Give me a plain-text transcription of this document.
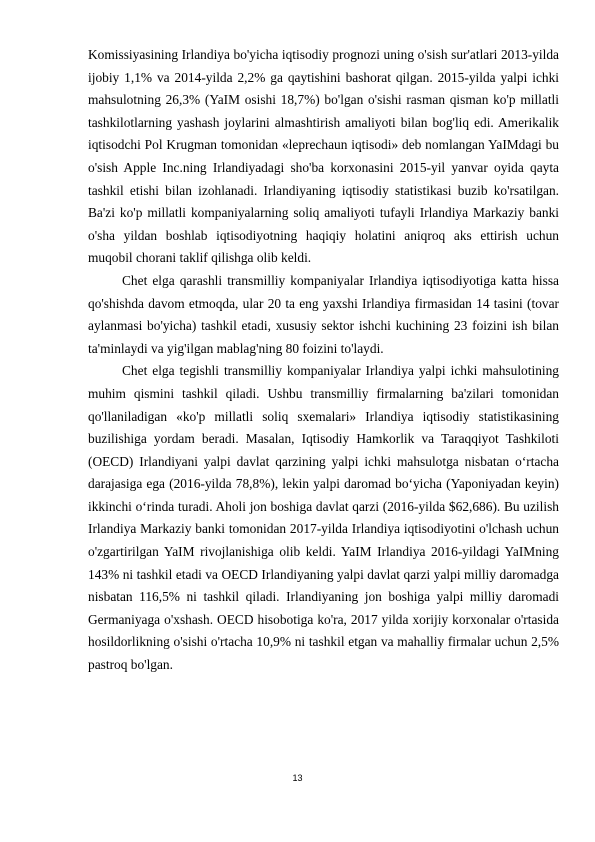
Komissiyasining Irlandiya bo'yicha iqtisodiy prognozi uning o'sish sur'atlari 2013-yilda ijobiy 1,1% va 2014-yilda 2,2% ga qaytishini bashorat qilgan. 2015-yilda yalpi ichki mahsulotning 26,3% (YaIM osishi 18,7%) bo'lgan o'sishi rasman qisman ko'p millatli tashkilotlarning yashash joylarini almashtirish amaliyoti bilan bog'liq edi. Amerikalik iqtisodchi Pol Krugman tomonidan «leprechaun iqtisodi» deb nomlangan YaIMdagi bu o'sish Apple Inc.ning Irlandiyadagi sho'ba korxonasini 2015-yil yanvar oyida qayta tashkil etishi bilan izohlanadi. Irlandiyaning iqtisodiy statistikasi buzib ko'rsatilgan. Ba'zi ko'p millatli kompaniyalarning soliq amaliyoti tufayli Irlandiya Markaziy banki o'sha yildan boshlab iqtisodiyotning haqiqiy holatini aniqroq aks ettirish uchun muqobil chorani taklif qilishga olib keldi.

Chet elga qarashli transmilliy kompaniyalar Irlandiya iqtisodiyotiga katta hissa qo'shishda davom etmoqda, ular 20 ta eng yaxshi Irlandiya firmasidan 14 tasini (tovar aylanmasi bo'yicha) tashkil etadi, xususiy sektor ishchi kuchining 23 foizini ish bilan ta'minlaydi va yig'ilgan mablag'ning 80 foizini to'laydi.

Chet elga tegishli transmilliy kompaniyalar Irlandiya yalpi ichki mahsulotining muhim qismini tashkil qiladi. Ushbu transmilliy firmalarning ba'zilari tomonidan qo'llaniladigan «ko'p millatli soliq sxemalari» Irlandiya iqtisodiy statistikasining buzilishiga yordam beradi. Masalan, Iqtisodiy Hamkorlik va Taraqqiyot Tashkiloti (OECD) Irlandiyani yalpi davlat qarzining yalpi ichki mahsulotga nisbatan o‘rtacha darajasiga ega (2016-yilda 78,8%), lekin yalpi daromad bo‘yicha (Yaponiyadan keyin) ikkinchi o‘rinda turadi. Aholi jon boshiga davlat qarzi (2016-yilda $62,686). Bu uzilish Irlandiya Markaziy banki tomonidan 2017-yilda Irlandiya iqtisodiyotini o'lchash uchun o'zgartirilgan YaIM rivojlanishiga olib keldi. YaIM Irlandiya 2016-yildagi YaIMning 143% ni tashkil etadi va OECD Irlandiyaning yalpi davlat qarzi yalpi milliy daromadga nisbatan 116,5% ni tashkil qiladi. Irlandiyaning jon boshiga yalpi milliy daromadi Germaniyaga o'xshash. OECD hisobotiga ko'ra, 2017 yilda xorijiy korxonalar o'rtasida hosildorlikning o'sishi o'rtacha 10,9% ni tashkil etgan va mahalliy firmalar uchun 2,5% pastroq bo'lgan.

13
